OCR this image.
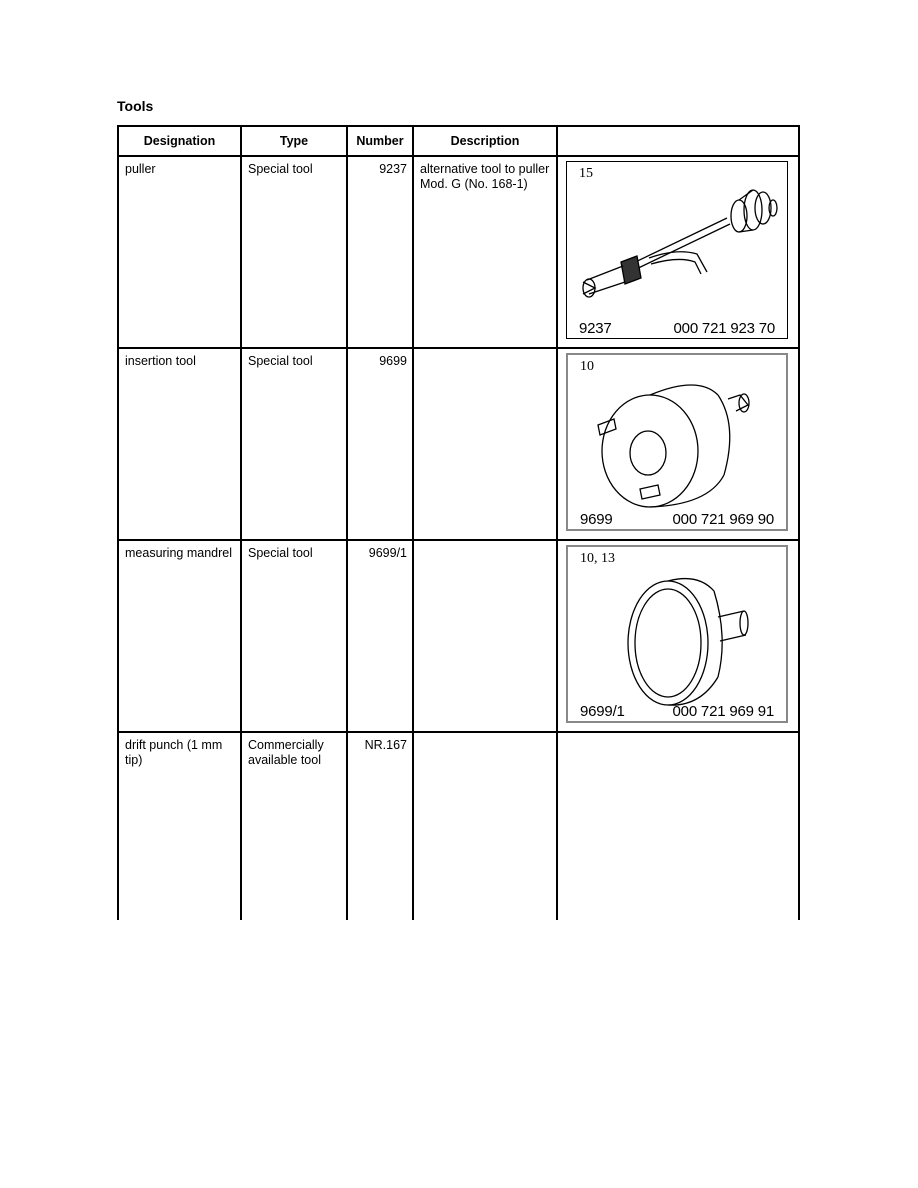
Tools
Designation	Type	Number	Description	
puller	Special tool	9237	alternative tool to puller Mod. G (No. 168-1)	15
9237 000 721 923 70

insertion tool	Special tool	9699		10
9699 000 721 969 90

measuring mandrel	Special tool	9699/1		10, 13
9699/1 000 721 969 91

drift punch (1 mm tip)	Commercially available tool	NR.167		
